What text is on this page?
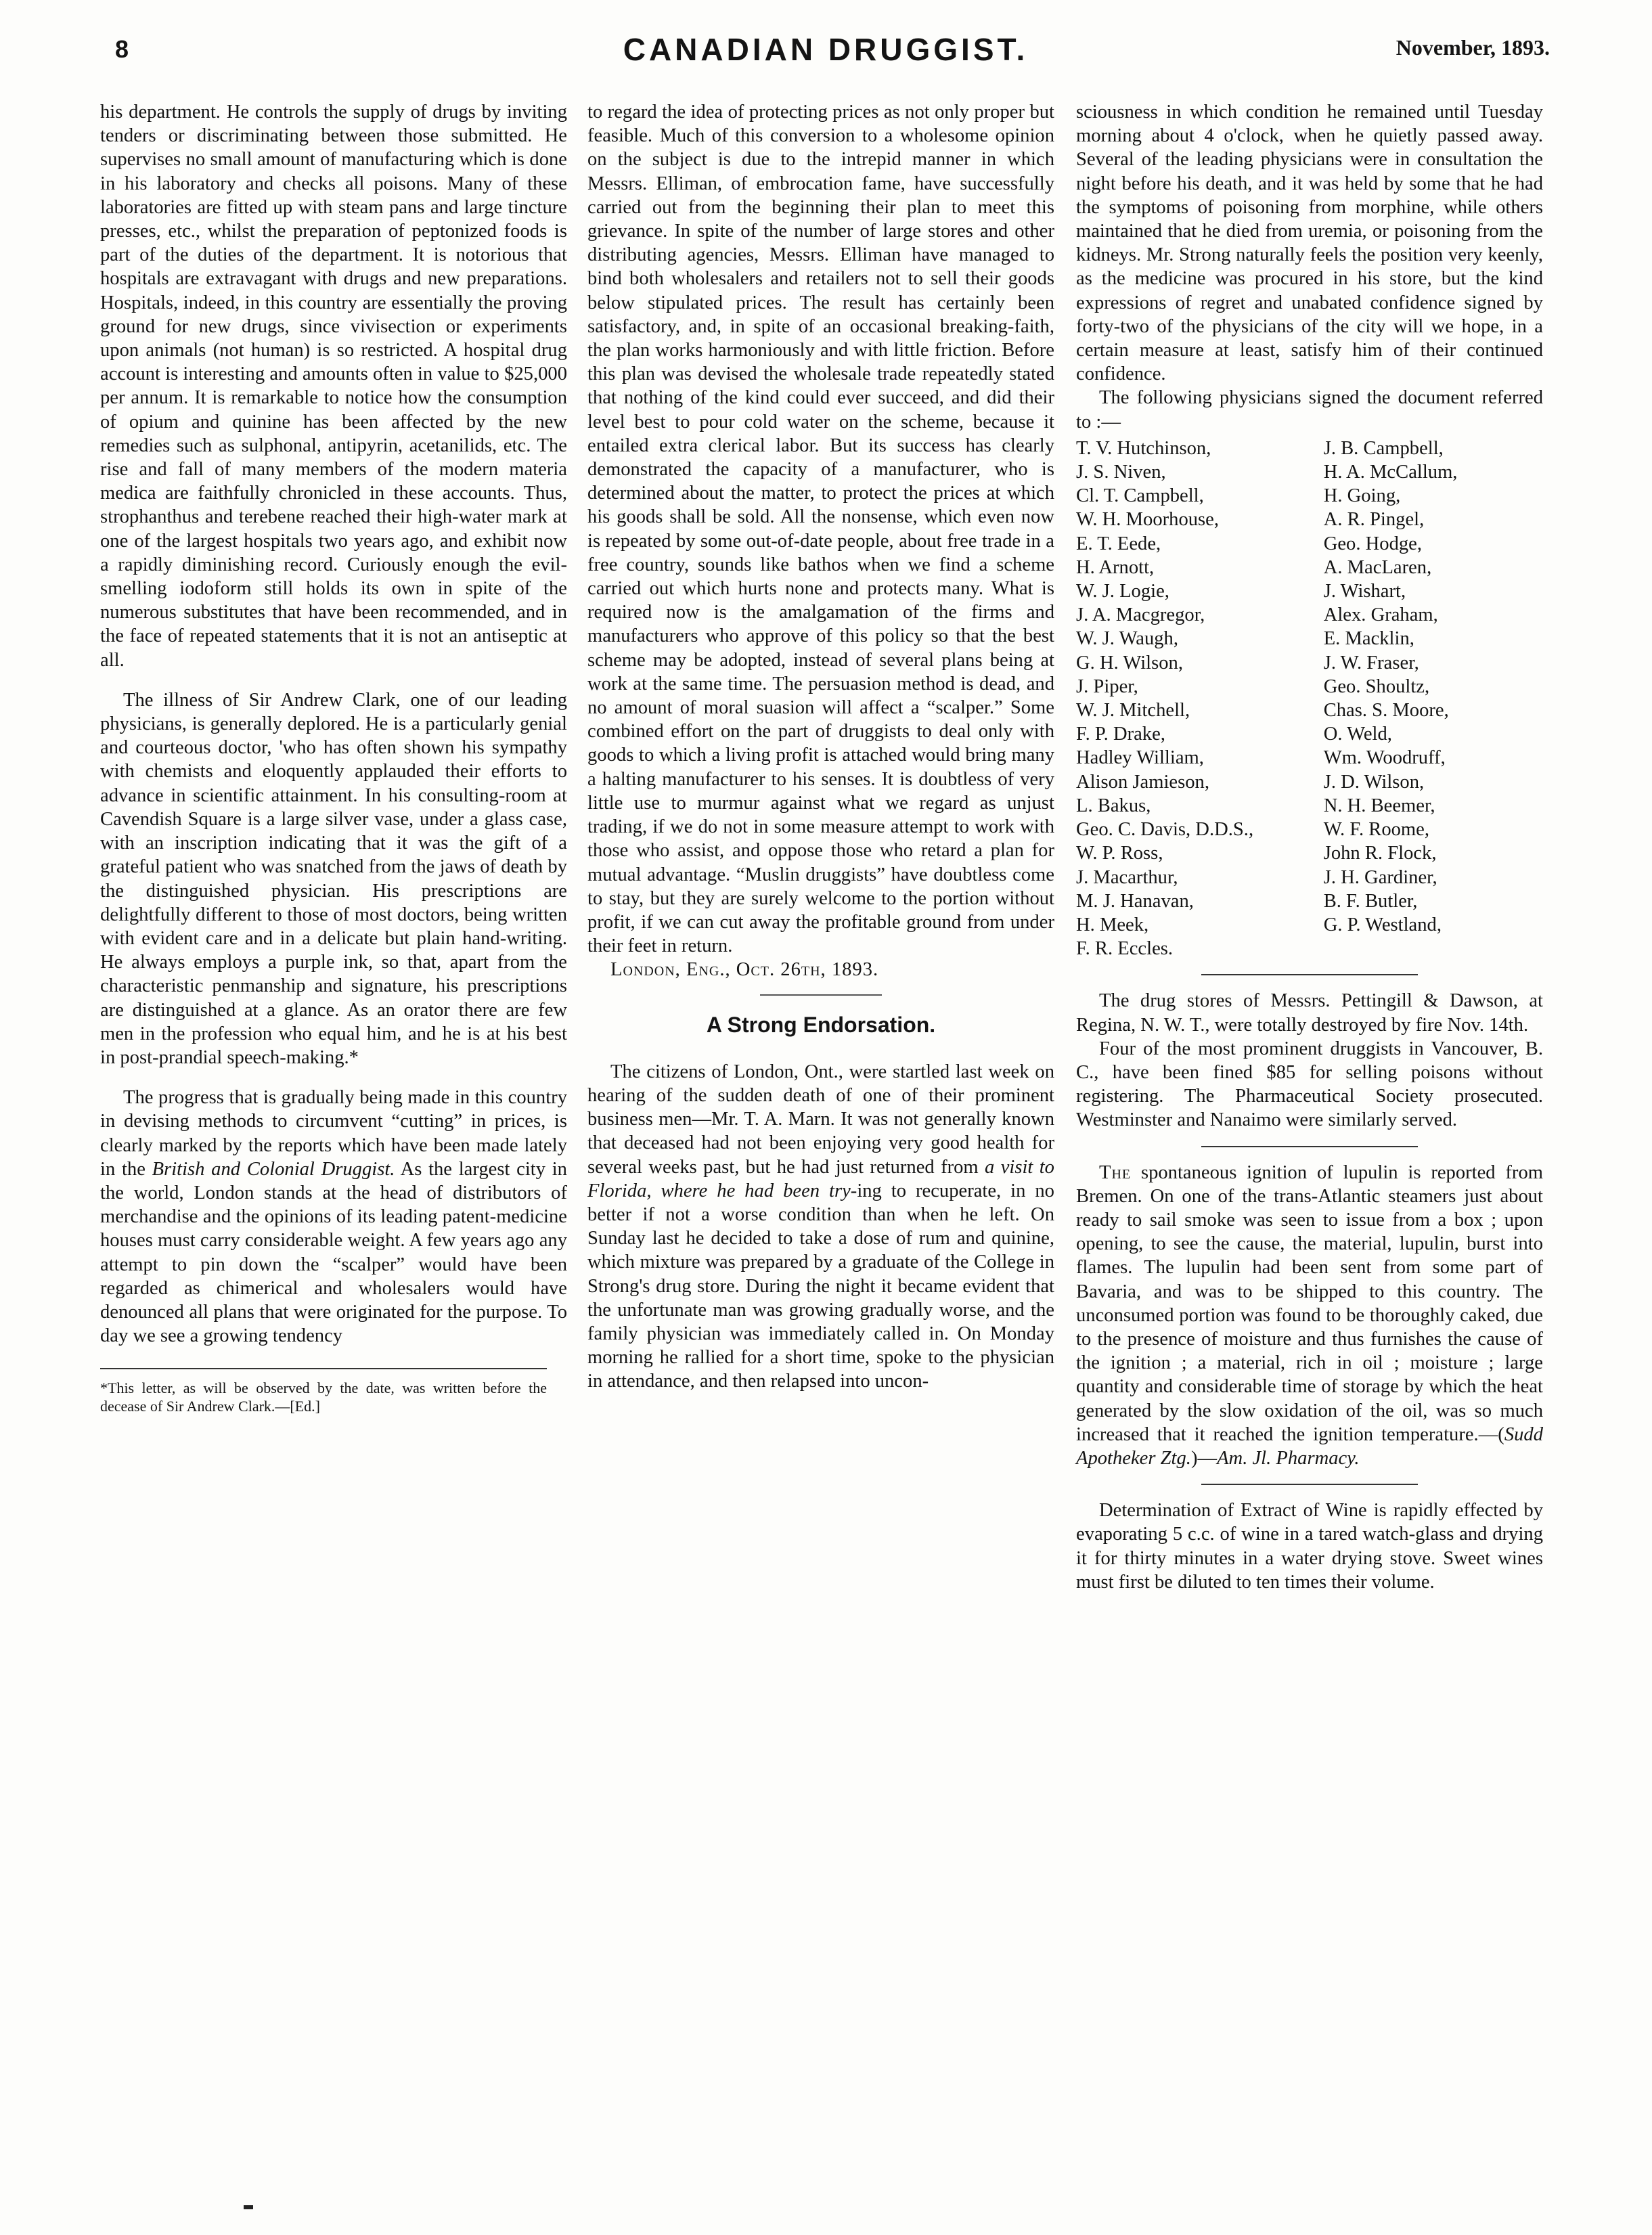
8	CANADIAN DRUGGIST.	November, 1893.

his department. He controls the supply of drugs by inviting tenders or discriminating between those submitted. He supervises no small amount of manufacturing which is done in his laboratory and checks all poisons. Many of these laboratories are fitted up with steam pans and large tincture presses, etc., whilst the preparation of peptonized foods is part of the duties of the department. It is notorious that hospitals are extravagant with drugs and new preparations. Hospitals, indeed, in this country are essentially the proving ground for new drugs, since vivisection or experiments upon animals (not human) is so restricted. A hospital drug account is interesting and amounts often in value to $25,000 per annum. It is remarkable to notice how the consumption of opium and quinine has been affected by the new remedies such as sulphonal, antipyrin, acetanilids, etc. The rise and fall of many members of the modern materia medica are faithfully chronicled in these accounts. Thus, strophanthus and terebene reached their high-water mark at one of the largest hospitals two years ago, and exhibit now a rapidly diminishing record. Curiously enough the evil-smelling iodoform still holds its own in spite of the numerous substitutes that have been recommended, and in the face of repeated statements that it is not an antiseptic at all.

The illness of Sir Andrew Clark, one of our leading physicians, is generally deplored. He is a particularly genial and courteous doctor, 'who has often shown his sympathy with chemists and eloquently applauded their efforts to advance in scientific attainment. In his consulting-room at Cavendish Square is a large silver vase, under a glass case, with an inscription indicating that it was the gift of a grateful patient who was snatched from the jaws of death by the distinguished physician. His prescriptions are delightfully different to those of most doctors, being written with evident care and in a delicate but plain hand-writing. He always employs a purple ink, so that, apart from the characteristic penmanship and signature, his prescriptions are distinguished at a glance. As an orator there are few men in the profession who equal him, and he is at his best in post-prandial speech-making.*

The progress that is gradually being made in this country in devising methods to circumvent “cutting” in prices, is clearly marked by the reports which have been made lately in the British and Colonial Druggist. As the largest city in the world, London stands at the head of distributors of merchandise and the opinions of its leading patent-medicine houses must carry considerable weight. A few years ago any attempt to pin down the “scalper” would have been regarded as chimerical and wholesalers would have denounced all plans that were originated for the purpose. To day we see a growing tendency

*This letter, as will be observed by the date, was written before the decease of Sir Andrew Clark.—[Ed.]

to regard the idea of protecting prices as not only proper but feasible. Much of this conversion to a wholesome opinion on the subject is due to the intrepid manner in which Messrs. Elliman, of embrocation fame, have successfully carried out from the beginning their plan to meet this grievance. In spite of the number of large stores and other distributing agencies, Messrs. Elliman have managed to bind both wholesalers and retailers not to sell their goods below stipulated prices. The result has certainly been satisfactory, and, in spite of an occasional breaking-faith, the plan works harmoniously and with little friction. Before this plan was devised the wholesale trade repeatedly stated that nothing of the kind could ever succeed, and did their level best to pour cold water on the scheme, because it entailed extra clerical labor. But its success has clearly demonstrated the capacity of a manufacturer, who is determined about the matter, to protect the prices at which his goods shall be sold. All the nonsense, which even now is repeated by some out-of-date people, about free trade in a free country, sounds like bathos when we find a scheme carried out which hurts none and protects many. What is required now is the amalgamation of the firms and manufacturers who approve of this policy so that the best scheme may be adopted, instead of several plans being at work at the same time. The persuasion method is dead, and no amount of moral suasion will affect a “scalper.” Some combined effort on the part of druggists to deal only with goods to which a living profit is attached would bring many a halting manufacturer to his senses. It is doubtless of very little use to murmur against what we regard as unjust trading, if we do not in some measure attempt to work with those who assist, and oppose those who retard a plan for mutual advantage. “Muslin druggists” have doubtless come to stay, but they are surely welcome to the portion without profit, if we can cut away the profitable ground from under their feet in return.

London, Eng., Oct. 26th, 1893.

A Strong Endorsation.

The citizens of London, Ont., were startled last week on hearing of the sudden death of one of their prominent business men—Mr. T. A. Marn. It was not generally known that deceased had not been enjoying very good health for several weeks past, but he had just returned from a visit to Florida, where he had been try-ing to recuperate, in no better if not a worse condition than when he left. On Sunday last he decided to take a dose of rum and quinine, which mixture was prepared by a graduate of the College in Strong's drug store. During the night it became evident that the unfortunate man was growing gradually worse, and the family physician was immediately called in. On Monday morning he rallied for a short time, spoke to the physician in attendance, and then relapsed into uncon-

sciousness in which condition he remained until Tuesday morning about 4 o'clock, when he quietly passed away. Several of the leading physicians were in consultation the night before his death, and it was held by some that he had the symptoms of poisoning from morphine, while others maintained that he died from uremia, or poisoning from the kidneys. Mr. Strong naturally feels the position very keenly, as the medicine was procured in his store, but the kind expressions of regret and unabated confidence signed by forty-two of the physicians of the city will we hope, in a certain measure at least, satisfy him of their continued confidence.

The following physicians signed the document referred to :—

T. V. Hutchinson,	J. B. Campbell,
J. S. Niven,	H. A. McCallum,
Cl. T. Campbell,	H. Going,
W. H. Moorhouse,	A. R. Pingel,
E. T. Eede,	Geo. Hodge,
H. Arnott,	A. MacLaren,
W. J. Logie,	J. Wishart,
J. A. Macgregor,	Alex. Graham,
W. J. Waugh,	E. Macklin,
G. H. Wilson,	J. W. Fraser,
J. Piper,	Geo. Shoultz,
W. J. Mitchell,	Chas. S. Moore,
F. P. Drake,	O. Weld,
Hadley William,	Wm. Woodruff,
Alison Jamieson,	J. D. Wilson,
L. Bakus,	N. H. Beemer,
Geo. C. Davis, D.D.S.,	W. F. Roome,
W. P. Ross,	John R. Flock,
J. Macarthur,	J. H. Gardiner,
M. J. Hanavan,	B. F. Butler,
H. Meek,	G. P. Westland,
F. R. Eccles.	

The drug stores of Messrs. Pettingill & Dawson, at Regina, N. W. T., were totally destroyed by fire Nov. 14th.

Four of the most prominent druggists in Vancouver, B. C., have been fined $85 for selling poisons without registering. The Pharmaceutical Society prosecuted. Westminster and Nanaimo were similarly served.

The spontaneous ignition of lupulin is reported from Bremen. On one of the trans-Atlantic steamers just about ready to sail smoke was seen to issue from a box ; upon opening, to see the cause, the material, lupulin, burst into flames. The lupulin had been sent from some part of Bavaria, and was to be shipped to this country. The unconsumed portion was found to be thoroughly caked, due to the presence of moisture and thus furnishes the cause of the ignition ; a material, rich in oil ; moisture ; large quantity and considerable time of storage by which the heat generated by the slow oxidation of the oil, was so much increased that it reached the ignition temperature.—(Sudd Apotheker Ztg.)—Am. Jl. Pharmacy.

Determination of Extract of Wine is rapidly effected by evaporating 5 c.c. of wine in a tared watch-glass and drying it for thirty minutes in a water drying stove. Sweet wines must first be diluted to ten times their volume.
